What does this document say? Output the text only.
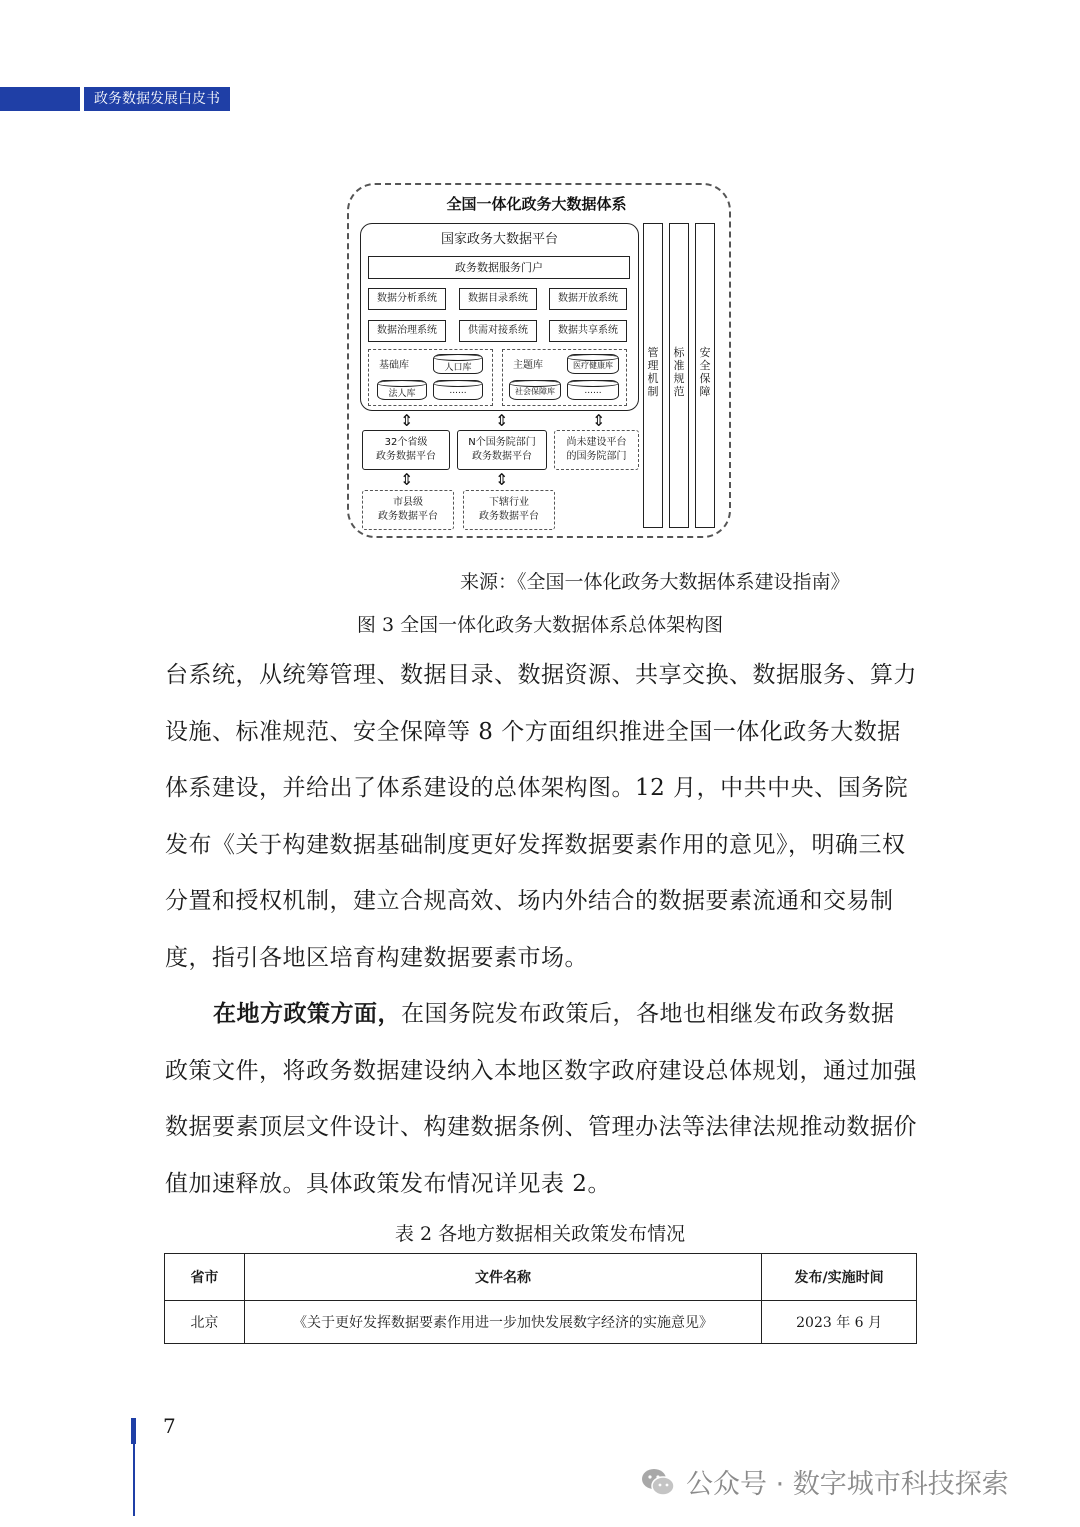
政务数据发展白皮书
全国一体化政务大数据体系
国家政务大数据平台
政务数据服务门户
数据分析系统	数据目录系统	数据开放系统
数据治理系统	供需对接系统	数据共享系统
基础库	人口库
法人库	......
主题库	医疗健康库
社会保障库	......
⇕	⇕	⇕
32个省级
政务数据平台
N个国务院部门
政务数据平台
尚未建设平台
的国务院部门
⇕	⇕
市县级
政务数据平台
下辖行业
政务数据平台
管理机制
标准规范
安全保障
来源：《全国一体化政务大数据体系建设指南》
图 3 全国一体化政务大数据体系总体架构图
台系统，从统筹管理、数据目录、数据资源、共享交换、数据服务、算力设施、标准规范、安全保障等 8 个方面组织推进全国一体化政务大数据体系建设，并给出了体系建设的总体架构图。12 月，中共中央、国务院发布《关于构建数据基础制度更好发挥数据要素作用的意见》，明确三权分置和授权机制，建立合规高效、场内外结合的数据要素流通和交易制度，指引各地区培育构建数据要素市场。
在地方政策方面，在国务院发布政策后，各地也相继发布政务数据政策文件，将政务数据建设纳入本地区数字政府建设总体规划，通过加强数据要素顶层文件设计、构建数据条例、管理办法等法律法规推动数据价值加速释放。具体政策发布情况详见表 2。
表 2 各地方数据相关政策发布情况
省市	文件名称	发布/实施时间
北京	《关于更好发挥数据要素作用进一步加快发展数字经济的实施意见》	2023 年 6 月
7
公众号 · 数字城市科技探索
